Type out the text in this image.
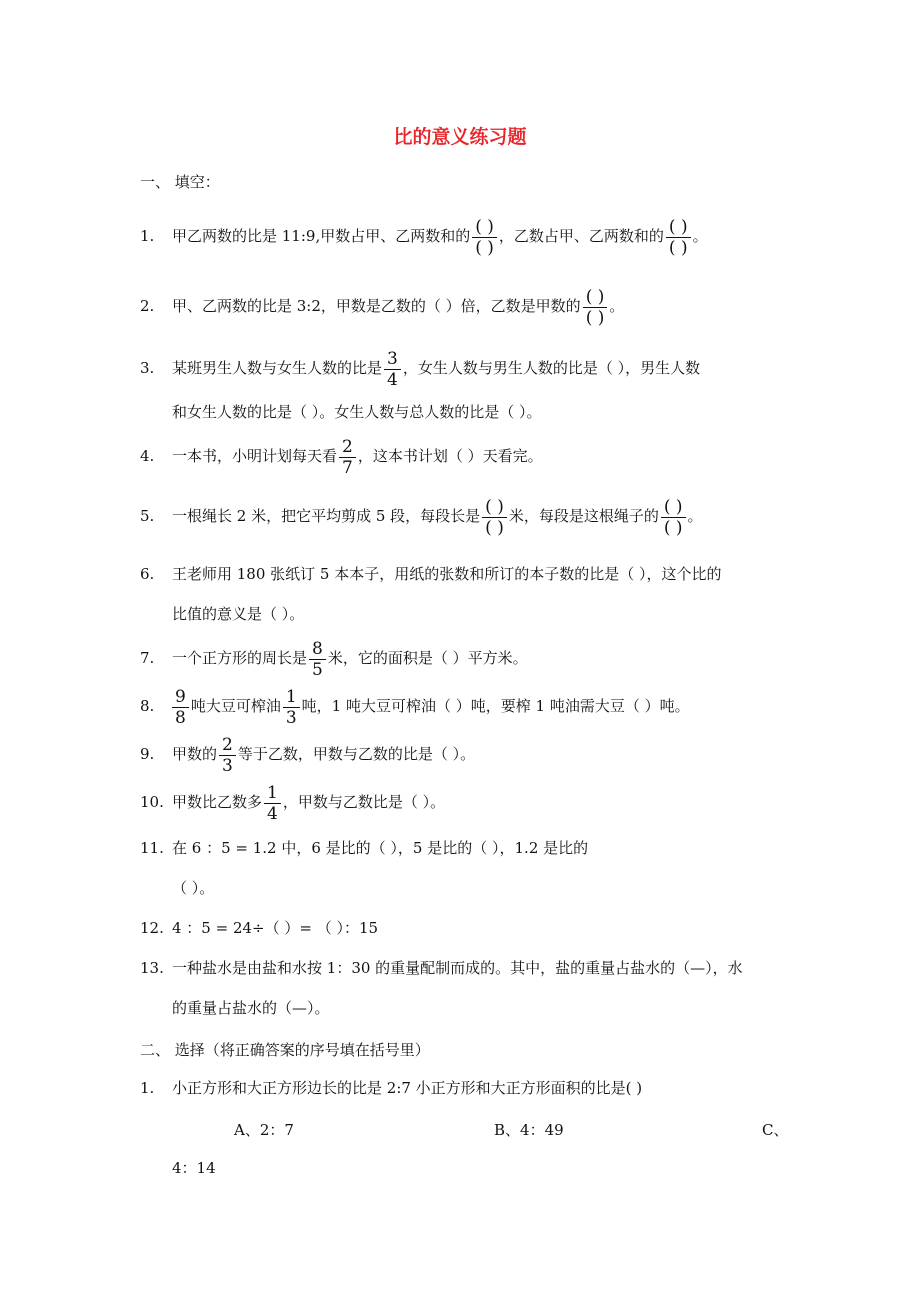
比的意义练习题
一、 填空：
1. 甲乙两数的比是 11:9,甲数占甲、乙两数和的 $\frac{( )}{( )}$ ，乙数占甲、乙两数和的 $\frac{( )}{( )}$ 。
2. 甲、乙两数的比是 3:2，甲数是乙数的（ ）倍，乙数是甲数的 $\frac{( )}{( )}$ 。
3. 某班男生人数与女生人数的比是 $\frac{3}{4}$ ，女生人数与男生人数的比是（ ），男生人数
和女生人数的比是（ ）。女生人数与总人数的比是（ ）。
4. 一本书，小明计划每天看 $\frac{2}{7}$ ，这本书计划（ ）天看完。
5. 一根绳长 2 米，把它平均剪成 5 段，每段长是 $\frac{( )}{( )}$ 米，每段是这根绳子的 $\frac{( )}{( )}$ 。
6. 王老师用 180 张纸订 5 本本子，用纸的张数和所订的本子数的比是（ ），这个比的
比值的意义是（ ）。
7. 一个正方形的周长是 $\frac{8}{5}$ 米，它的面积是（ ）平方米。
8. $\frac{9}{8}$ 吨大豆可榨油 $\frac{1}{3}$ 吨，1 吨大豆可榨油（ ）吨，要榨 1 吨油需大豆（ ）吨。
9. 甲数的 $\frac{2}{3}$ 等于乙数，甲数与乙数的比是（ ）。
10. 甲数比乙数多 $\frac{1}{4}$ ，甲数与乙数比是（ ）。
11. 在 6 ：5 = 1.2 中，6 是比的（ ），5 是比的（ ），1.2 是比的
（ ）。
12. 4 ：5 = 24÷（ ）= （ ）：15
13. 一种盐水是由盐和水按 1：30 的重量配制而成的。其中，盐的重量占盐水的（—），水
的重量占盐水的（—）。
二、 选择（将正确答案的序号填在括号里）
1. 小正方形和大正方形边长的比是 2:7 小正方形和大正方形面积的比是( )
A、2：7	B、4：49	C、
4：14
